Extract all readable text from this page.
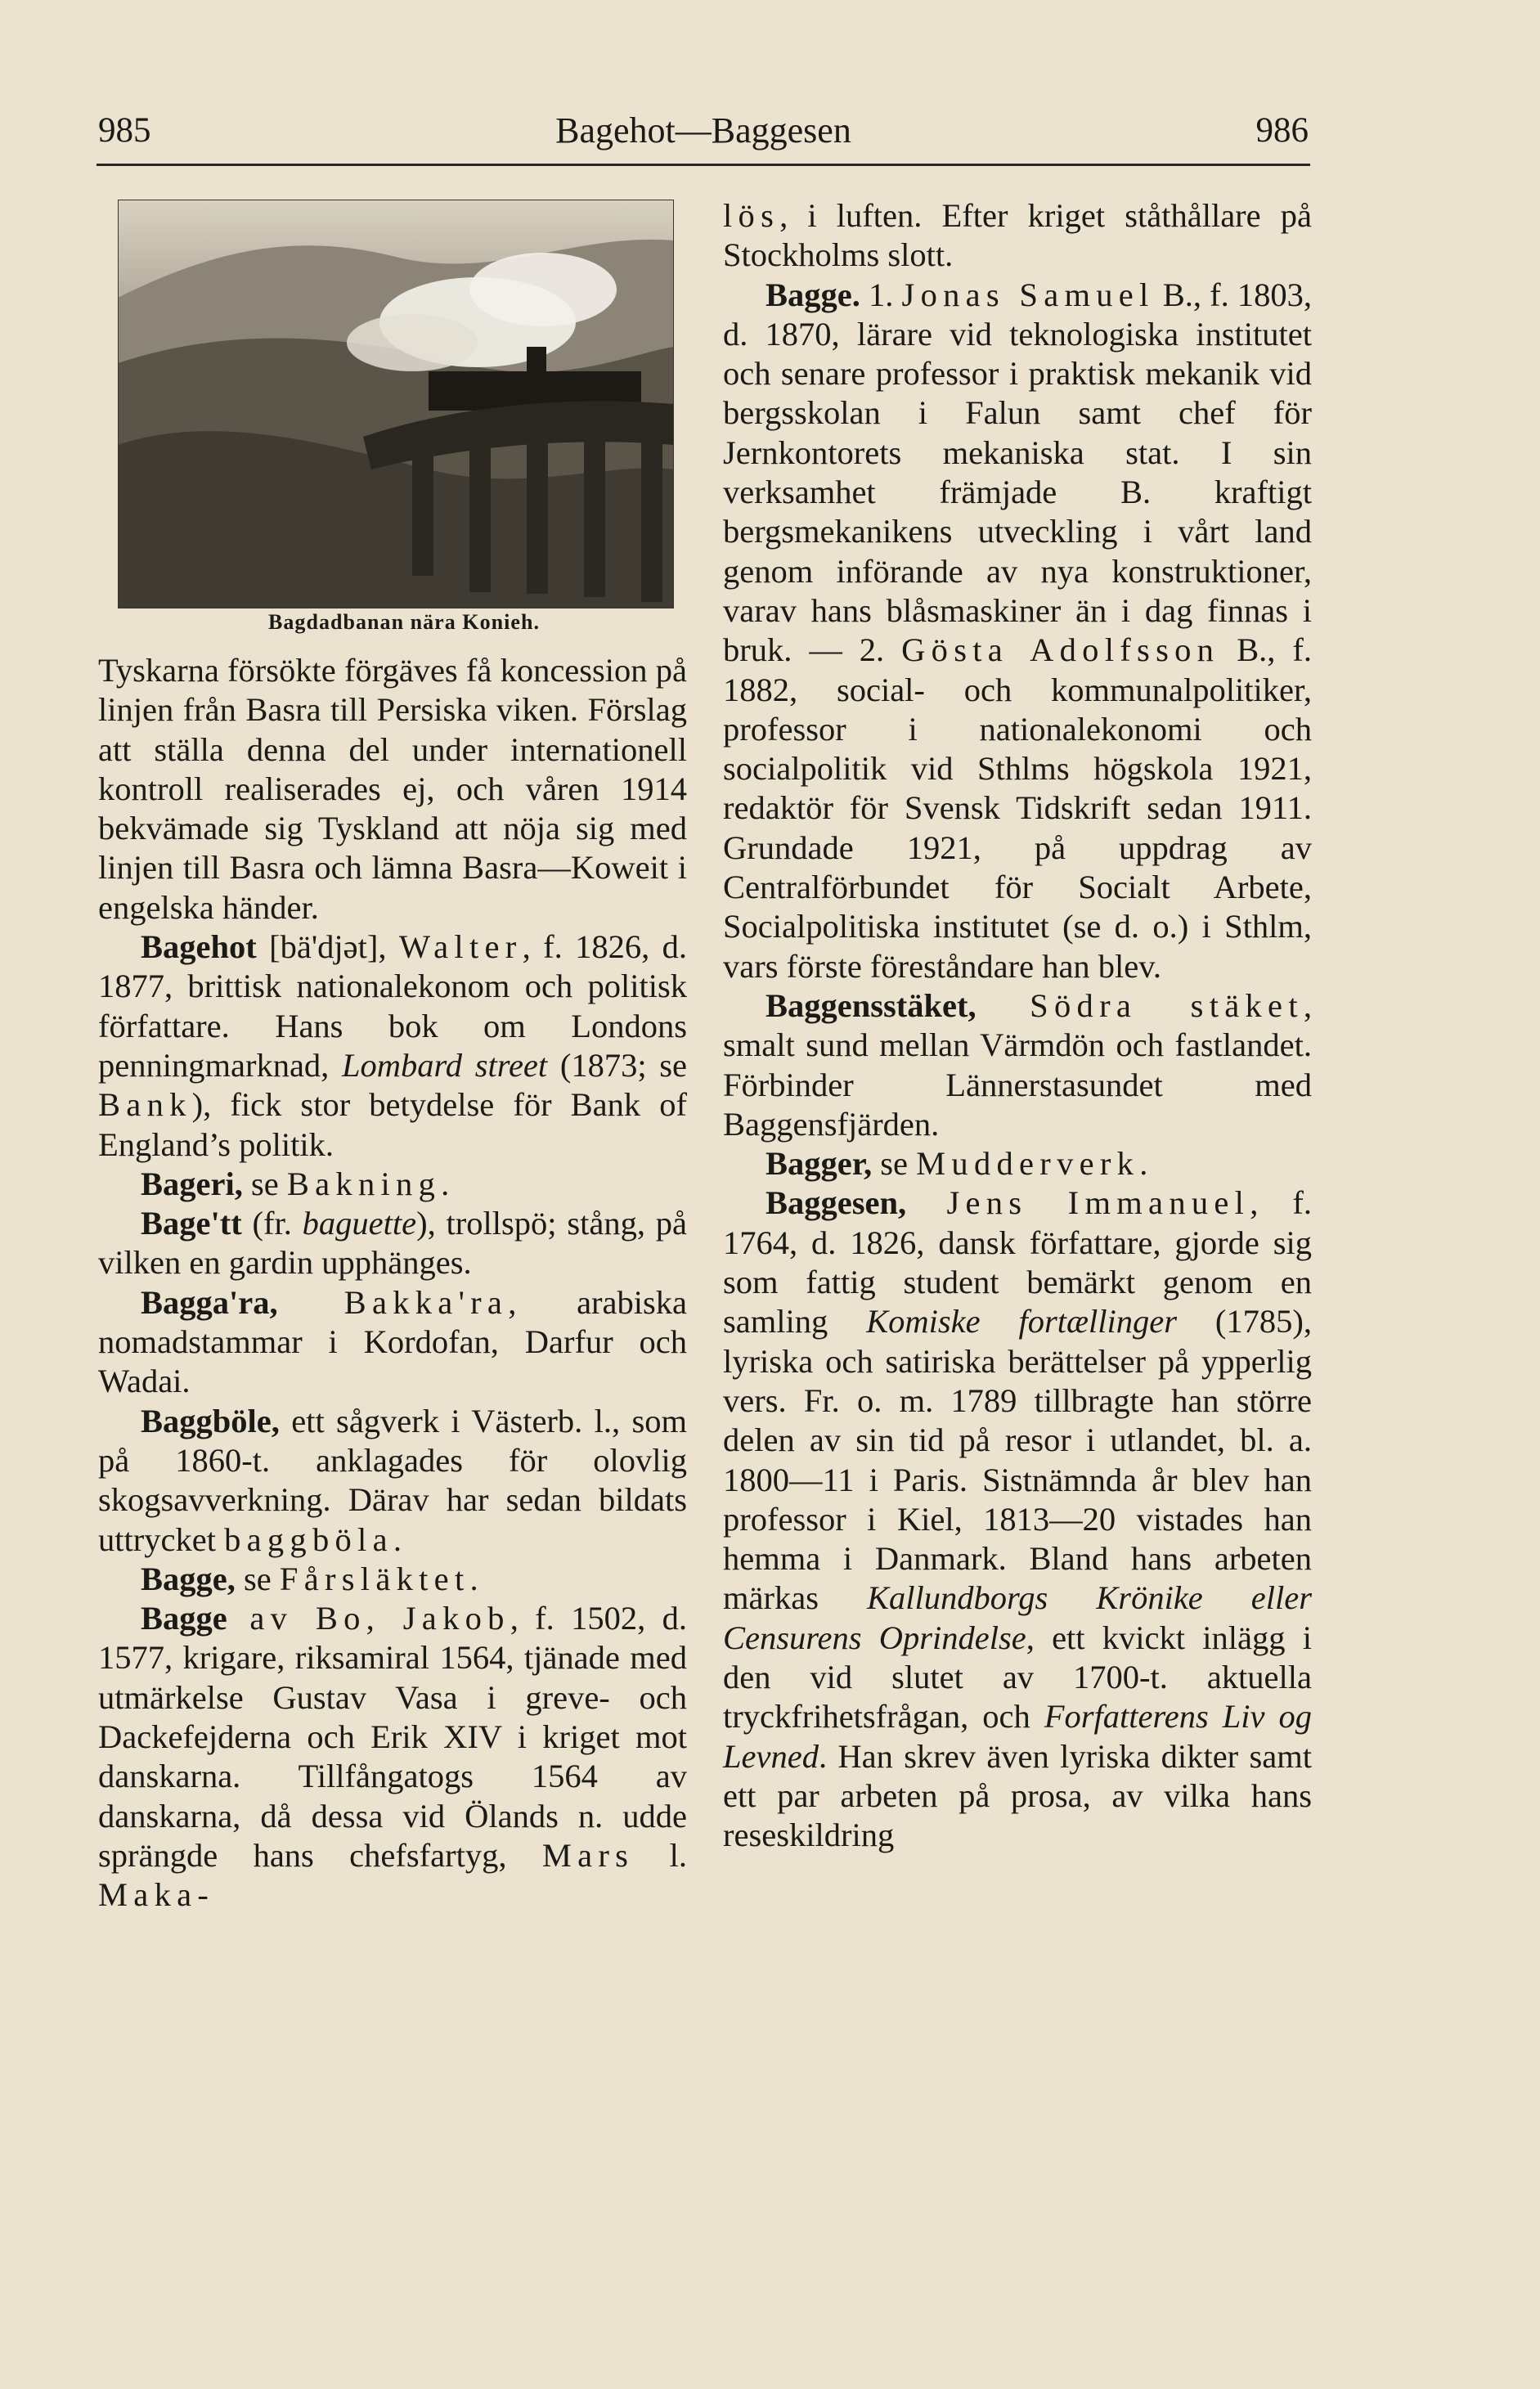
985	Bagehot—Baggesen	986
Bagdadbanan nära Konieh.

Tyskarna försökte förgäves få koncession på linjen från Basra till Persiska viken. Förslag att ställa denna del under internationell kontroll realiserades ej, och våren 1914 bekvämade sig Tyskland att nöja sig med linjen till Basra och lämna Basra—Koweit i engelska händer.

Bagehot [bä'djət], Walter, f. 1826, d. 1877, brittisk nationalekonom och politisk författare. Hans bok om Londons penningmarknad, Lombard street (1873; se Bank), fick stor betydelse för Bank of England’s politik.

Bageri, se Bakning.

Bage'tt (fr. baguette), trollspö; stång, på vilken en gardin upphänges.

Bagga'ra, Bakka'ra, arabiska nomadstammar i Kordofan, Darfur och Wadai.

Baggböle, ett sågverk i Västerb. l., som på 1860-t. anklagades för olovlig skogsavverkning. Därav har sedan bildats uttrycket baggböla.

Bagge, se Fårsläktet.

Bagge av Bo, Jakob, f. 1502, d. 1577, krigare, riksamiral 1564, tjänade med utmärkelse Gustav Vasa i greve- och Dackefejderna och Erik XIV i kriget mot danskarna. Tillfångatogs 1564 av danskarna, då dessa vid Ölands n. udde sprängde hans chefsfartyg, Mars l. Maka-

lös, i luften. Efter kriget ståthållare på Stockholms slott.

Bagge. 1. Jonas Samuel B., f. 1803, d. 1870, lärare vid teknologiska institutet och senare professor i praktisk mekanik vid bergsskolan i Falun samt chef för Jernkontorets mekaniska stat. I sin verksamhet främjade B. kraftigt bergsmekanikens utveckling i vårt land genom införande av nya konstruktioner, varav hans blåsmaskiner än i dag finnas i bruk. — 2. Gösta Adolfsson B., f. 1882, social- och kommunalpolitiker, professor i nationalekonomi och socialpolitik vid Sthlms högskola 1921, redaktör för Svensk Tidskrift sedan 1911. Grundade 1921, på uppdrag av Centralförbundet för Socialt Arbete, Socialpolitiska institutet (se d. o.) i Sthlm, vars förste föreståndare han blev.

Baggensstäket, Södra stäket, smalt sund mellan Värmdön och fastlandet. Förbinder Lännerstasundet med Baggensfjärden.

Bagger, se Mudderverk.

Baggesen, Jens Immanuel, f. 1764, d. 1826, dansk författare, gjorde sig som fattig student bemärkt genom en samling Komiske fortællinger (1785), lyriska och satiriska berättelser på ypperlig vers. Fr. o. m. 1789 tillbragte han större delen av sin tid på resor i utlandet, bl. a. 1800—11 i Paris. Sistnämnda år blev han professor i Kiel, 1813—20 vistades han hemma i Danmark. Bland hans arbeten märkas Kallundborgs Krönike eller Censurens Oprindelse, ett kvickt inlägg i den vid slutet av 1700-t. aktuella tryckfrihetsfrågan, och Forfatterens Liv og Levned. Han skrev även lyriska dikter samt ett par arbeten på prosa, av vilka hans reseskildring
